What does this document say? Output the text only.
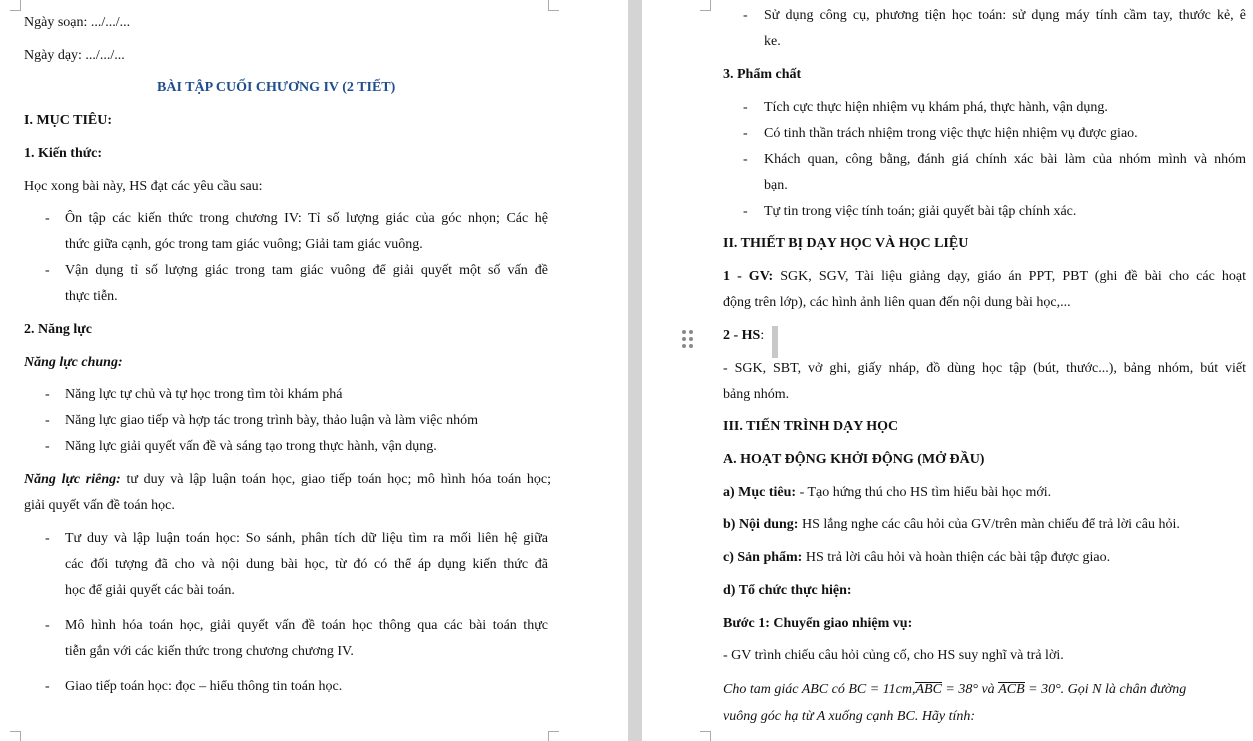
Ngày soạn: .../.../...
Ngày dạy: .../.../...
BÀI TẬP CUỐI CHƯƠNG IV (2 TIẾT)
I. MỤC TIÊU:
1. Kiến thức:
Học xong bài này, HS đạt các yêu cầu sau:
- Ôn tập các kiến thức trong chương IV: Tỉ số lượng giác của góc nhọn; Các hệ
thức giữa cạnh, góc trong tam giác vuông; Giải tam giác vuông.
- Vận dụng tỉ số lượng giác trong tam giác vuông để giải quyết một số vấn đề
thực tiễn.
2. Năng lực
Năng lực chung:
- Năng lực tự chủ và tự học trong tìm tòi khám phá
- Năng lực giao tiếp và hợp tác trong trình bày, thảo luận và làm việc nhóm
- Năng lực giải quyết vấn đề và sáng tạo trong thực hành, vận dụng.
Năng lực riêng: tư duy và lập luận toán học, giao tiếp toán học; mô hình hóa toán học;
giải quyết vấn đề toán học.
- Tư duy và lập luận toán học: So sánh, phân tích dữ liệu tìm ra mối liên hệ giữa
các đối tượng đã cho và nội dung bài học, từ đó có thể áp dụng kiến thức đã
học để giải quyết các bài toán.
- Mô hình hóa toán học, giải quyết vấn đề toán học thông qua các bài toán thực
tiễn gắn với các kiến thức trong chương chương IV.
- Giao tiếp toán học: đọc – hiểu thông tin toán học.
- Sử dụng công cụ, phương tiện học toán: sử dụng máy tính cầm tay, thước kẻ, ê
ke.
3. Phẩm chất
- Tích cực thực hiện nhiệm vụ khám phá, thực hành, vận dụng.
- Có tinh thần trách nhiệm trong việc thực hiện nhiệm vụ được giao.
- Khách quan, công bằng, đánh giá chính xác bài làm của nhóm mình và nhóm
bạn.
- Tự tin trong việc tính toán; giải quyết bài tập chính xác.
II. THIẾT BỊ DẠY HỌC VÀ HỌC LIỆU
1 - GV: SGK, SGV, Tài liệu giảng dạy, giáo án PPT, PBT (ghi đề bài cho các hoạt
động trên lớp), các hình ảnh liên quan đến nội dung bài học,...
2 - HS:
- SGK, SBT, vở ghi, giấy nháp, đồ dùng học tập (bút, thước...), bảng nhóm, bút viết
bảng nhóm.
III. TIẾN TRÌNH DẠY HỌC
A. HOẠT ĐỘNG KHỞI ĐỘNG (MỞ ĐẦU)
a) Mục tiêu: - Tạo hứng thú cho HS tìm hiểu bài học mới.
b) Nội dung: HS lắng nghe các câu hỏi của GV/trên màn chiếu để trả lời câu hỏi.
c) Sản phẩm: HS trả lời câu hỏi và hoàn thiện các bài tập được giao.
d) Tổ chức thực hiện:
Bước 1: Chuyển giao nhiệm vụ:
- GV trình chiếu câu hỏi củng cố, cho HS suy nghĩ và trả lời.
Cho tam giác ABC có BC = 11cm,ABC = 38° và ACB = 30°. Gọi N là chân đường
vuông góc hạ từ A xuống cạnh BC. Hãy tính:
